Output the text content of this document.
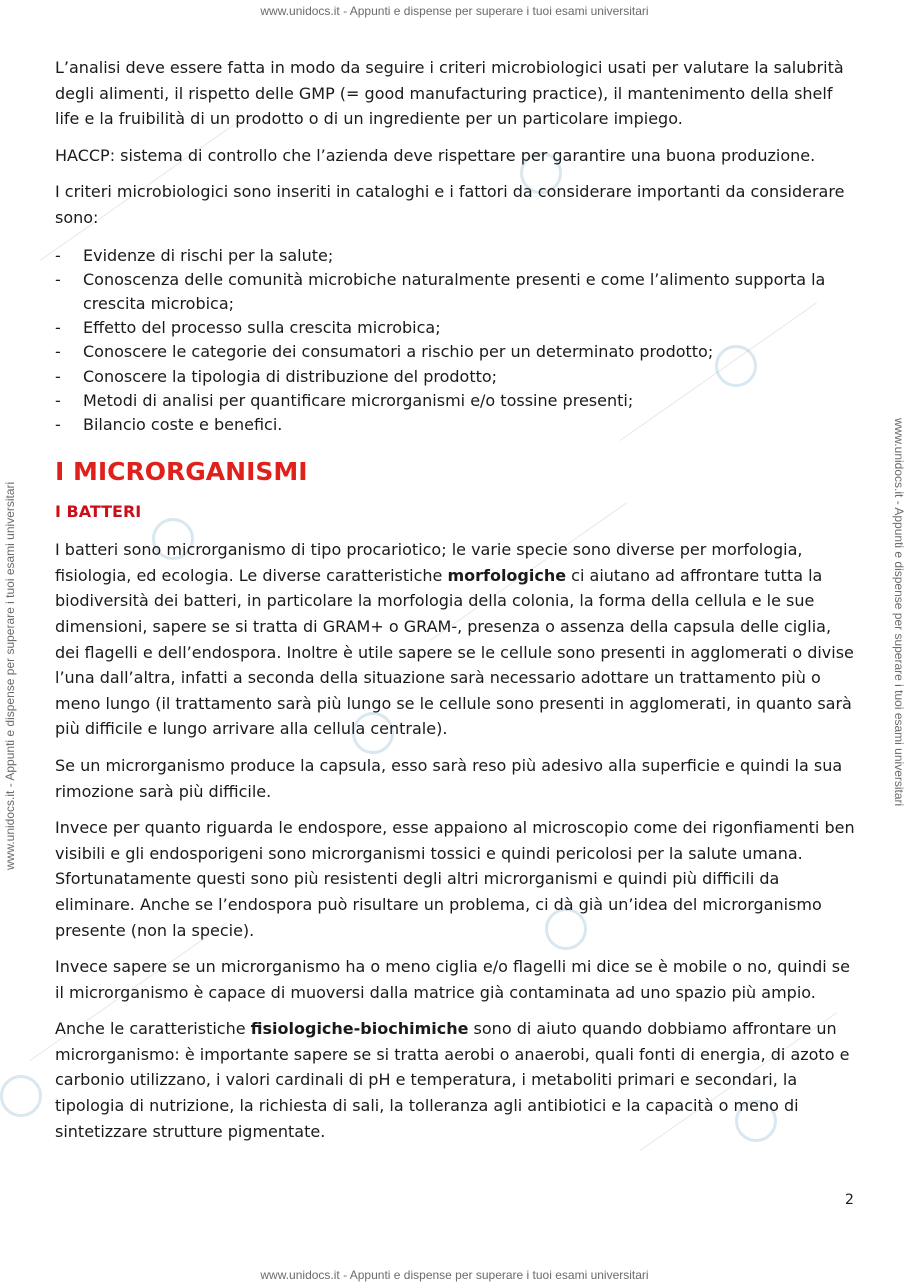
www.unidocs.it - Appunti e dispense per superare i tuoi esami universitari
www.unidocs.it - Appunti e dispense per superare i tuoi esami universitari
www.unidocs.it - Appunti e dispense per superare i tuoi esami universitari	www.unidocs.it - Appunti e dispense per superare i tuoi esami universitari

L’analisi deve essere fatta in modo da seguire i criteri microbiologici usati per valutare la salubrità degli alimenti, il rispetto delle GMP (= good manufacturing practice), il mantenimento della shelf life e la fruibilità di un prodotto o di un ingrediente per un particolare impiego.

HACCP: sistema di controllo che l’azienda deve rispettare per garantire una buona produzione.

I criteri microbiologici sono inseriti in cataloghi e i fattori da considerare importanti da considerare sono:

- Evidenze di rischi per la salute;
- Conoscenza delle comunità microbiche naturalmente presenti e come l’alimento supporta la crescita microbica;
- Effetto del processo sulla crescita microbica;
- Conoscere le categorie dei consumatori a rischio per un determinato prodotto;
- Conoscere la tipologia di distribuzione del prodotto;
- Metodi di analisi per quantificare microrganismi e/o tossine presenti;
- Bilancio coste e benefici.
I MICRORGANISMI
I BATTERI

I batteri sono microrganismo di tipo procariotico; le varie specie sono diverse per morfologia, fisiologia, ed ecologia. Le diverse caratteristiche morfologiche ci aiutano ad affrontare tutta la biodiversità dei batteri, in particolare la morfologia della colonia, la forma della cellula e le sue dimensioni, sapere se si tratta di GRAM+ o GRAM-, presenza o assenza della capsula delle ciglia, dei flagelli e dell’endospora. Inoltre è utile sapere se le cellule sono presenti in agglomerati o divise l’una dall’altra, infatti a seconda della situazione sarà necessario adottare un trattamento più o meno lungo (il trattamento sarà più lungo se le cellule sono presenti in agglomerati, in quanto sarà più difficile e lungo arrivare alla cellula centrale).

Se un microrganismo produce la capsula, esso sarà reso più adesivo alla superficie e quindi la sua rimozione sarà più difficile.

Invece per quanto riguarda le endospore, esse appaiono al microscopio come dei rigonfiamenti ben visibili e gli endosporigeni sono microrganismi tossici e quindi pericolosi per la salute umana. Sfortunatamente questi sono più resistenti degli altri microrganismi e quindi più difficili da eliminare. Anche se l’endospora può risultare un problema, ci dà già un’idea del microrganismo presente (non la specie).

Invece sapere se un microrganismo ha o meno ciglia e/o flagelli mi dice se è mobile o no, quindi se il microrganismo è capace di muoversi dalla matrice già contaminata ad uno spazio più ampio.

Anche le caratteristiche fisiologiche-biochimiche sono di aiuto quando dobbiamo affrontare un microrganismo: è importante sapere se si tratta aerobi o anaerobi, quali fonti di energia, di azoto e carbonio utilizzano, i valori cardinali di pH e temperatura, i metaboliti primari e secondari, la tipologia di nutrizione, la richiesta di sali, la tolleranza agli antibiotici e la capacità o meno di sintetizzare strutture pigmentate.

2
